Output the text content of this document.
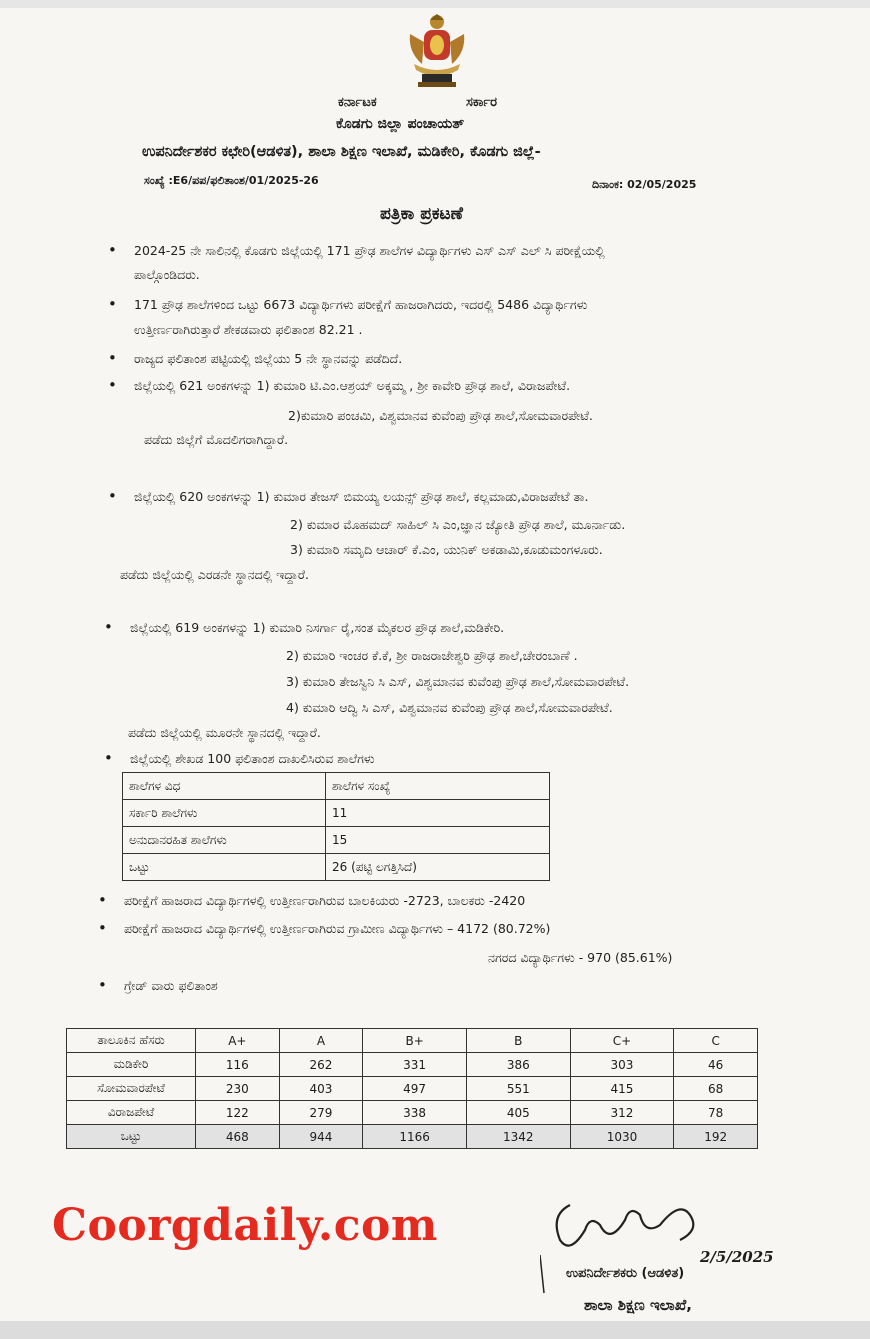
ಕರ್ನಾಟಕ	ಸರ್ಕಾರ
ಕೊಡಗು ಜಿಲ್ಲಾ ಪಂಚಾಯತ್
ಉಪನಿರ್ದೇಶಕರ ಕಛೇರಿ(ಆಡಳಿತ), ಶಾಲಾ ಶಿಕ್ಷಣ ಇಲಾಖೆ, ಮಡಿಕೇರಿ, ಕೊಡಗು ಜಿಲ್ಲೆ-
ಸಂಖ್ಯೆ :E6/ಪಪ/ಫಲಿತಾಂಶ/01/2025-26	ದಿನಾಂಕ: 02/05/2025
ಪತ್ರಿಕಾ ಪ್ರಕಟಣೆ
• 2024-25 ನೇ ಸಾಲಿನಲ್ಲಿ ಕೊಡಗು ಜಿಲ್ಲೆಯಲ್ಲಿ 171 ಪ್ರೌಢ ಶಾಲೆಗಳ ವಿದ್ಯಾರ್ಥಿಗಳು ಎಸ್ ಎಸ್ ಎಲ್ ಸಿ ಪರೀಕ್ಷೆಯಲ್ಲಿ
ಪಾಲ್ಗೊಂಡಿದರು.
• 171 ಪ್ರೌಢ ಶಾಲೆಗಳಿಂದ ಒಟ್ಟು 6673 ವಿದ್ಯಾರ್ಥಿಗಳು ಪರೀಕ್ಷೆಗೆ ಹಾಜರಾಗಿದರು, ಇದರಲ್ಲಿ 5486 ವಿದ್ಯಾರ್ಥಿಗಳು
ಉತ್ತೀರ್ಣರಾಗಿರುತ್ತಾರೆ ಶೇಕಡವಾರು ಫಲಿತಾಂಶ 82.21 .
• ರಾಜ್ಯದ ಫಲಿತಾಂಶ ಪಟ್ಟಿಯಲ್ಲಿ ಜಿಲ್ಲೆಯು 5 ನೇ ಸ್ಥಾನವನ್ನು ಪಡೆದಿದೆ.
• ಜಿಲ್ಲೆಯಲ್ಲಿ 621 ಅಂಕಗಳನ್ನು 1) ಕುಮಾರಿ ಟಿ.ಎಂ.ಆಶ್ರಯ್ ಅಕ್ಕಮ್ಮ , ಶ್ರೀ ಕಾವೇರಿ ಪ್ರೌಢ ಶಾಲೆ, ವಿರಾಜಪೇಟೆ.
2)ಕುಮಾರಿ ಪಂಚಮಿ, ವಿಶ್ವಮಾನವ ಕುವೆಂಪು ಪ್ರೌಢ ಶಾಲೆ,ಸೋಮವಾರಪೇಟೆ.
ಪಡೆದು ಜಿಲ್ಲೆಗೆ ಮೊದಲಿಗರಾಗಿದ್ದಾರೆ.
• ಜಿಲ್ಲೆಯಲ್ಲಿ 620 ಅಂಕಗಳನ್ನು 1) ಕುಮಾರ ತೇಜಸ್ ಬಿಮಯ್ಯ ಲಯನ್ಸ್ ಪ್ರೌಢ ಶಾಲೆ, ಕಲ್ಲಮಾಡು,ವಿರಾಜಪೇಟೆ ತಾ.
2) ಕುಮಾರ ಮೊಹಮದ್ ಸಾಹಿಲ್ ಸಿ ಎಂ,ಜ್ಞಾನ ಜ್ಯೋತಿ ಪ್ರೌಢ ಶಾಲೆ, ಮೂರ್ನಾಡು.
3) ಕುಮಾರಿ ಸಮೃದಿ ಆಚಾರ್ ಕೆ.ಎಂ, ಯುನಿಕ್ ಅಕಡಾಮಿ,ಕೂಡುಮಂಗಳೂರು.
ಪಡೆದು ಜಿಲ್ಲೆಯಲ್ಲಿ ಎರಡನೇ ಸ್ಥಾನದಲ್ಲಿ ಇದ್ದಾರೆ.
• ಜಿಲ್ಲೆಯಲ್ಲಿ 619 ಅಂಕಗಳನ್ನು 1) ಕುಮಾರಿ ನಿಸರ್ಗಾ ರೈ,ಸಂತ ಮೈಕಲರ ಪ್ರೌಢ ಶಾಲೆ,ಮಡಿಕೇರಿ.
2) ಕುಮಾರಿ ಇಂಚರ ಕೆ.ಕೆ, ಶ್ರೀ ರಾಜರಾಜೇಶ್ವರಿ ಪ್ರೌಢ ಶಾಲೆ,ಚೇರಂಬಾಣೆ .
3) ಕುಮಾರಿ ತೇಜಸ್ವಿನಿ ಸಿ ಎಸ್, ವಿಶ್ವಮಾನವ ಕುವೆಂಪು ಪ್ರೌಢ ಶಾಲೆ,ಸೋಮವಾರಪೇಟೆ.
4) ಕುಮಾರಿ ಆದ್ವಿ ಸಿ ಎಸ್, ವಿಶ್ವಮಾನವ ಕುವೆಂಪು ಪ್ರೌಢ ಶಾಲೆ,ಸೋಮವಾರಪೇಟೆ.
ಪಡೆದು ಜಿಲ್ಲೆಯಲ್ಲಿ ಮೂರನೇ ಸ್ಥಾನದಲ್ಲಿ ಇದ್ದಾರೆ.
• ಜಿಲ್ಲೆಯಲ್ಲಿ ಶೇಖಡ 100 ಫಲಿತಾಂಶ ದಾಖಲಿಸಿರುವ ಶಾಲೆಗಳು
ಶಾಲೆಗಳ ವಿಧ	ಶಾಲೆಗಳ ಸಂಖ್ಯೆ
ಸರ್ಕಾರಿ ಶಾಲೆಗಳು	11
ಅನುದಾನರಹಿತ ಶಾಲೆಗಳು	15
ಒಟ್ಟು	26 (ಪಟ್ಟಿ ಲಗತ್ತಿಸಿದೆ)
• ಪರೀಕ್ಷೆಗೆ ಹಾಜರಾದ ವಿದ್ಯಾರ್ಥಿಗಳಲ್ಲಿ ಉತ್ತೀರ್ಣರಾಗಿರುವ ಬಾಲಕಿಯರು -2723, ಬಾಲಕರು -2420
• ಪರೀಕ್ಷೆಗೆ ಹಾಜರಾದ ವಿದ್ಯಾರ್ಥಿಗಳಲ್ಲಿ ಉತ್ತೀರ್ಣರಾಗಿರುವ ಗ್ರಾಮೀಣ ವಿದ್ಯಾರ್ಥಿಗಳು – 4172 (80.72%)
ನಗರದ ವಿದ್ಯಾರ್ಥಿಗಳು - 970 (85.61%)
• ಗ್ರೇಡ್ ವಾರು ಫಲಿತಾಂಶ
ತಾಲೂಕಿನ ಹೆಸರು	A+	A	B+	B	C+	C
ಮಡಿಕೇರಿ	116	262	331	386	303	46
ಸೋಮವಾರಪೇಟೆ	230	403	497	551	415	68
ವಿರಾಜಪೇಟೆ	122	279	338	405	312	78
ಒಟ್ಟು	468	944	1166	1342	1030	192
Coorgdaily.com
2/5/2025
ಉಪನಿರ್ದೇಶಕರು (ಆಡಳಿತ)
ಶಾಲಾ ಶಿಕ್ಷಣ ಇಲಾಖೆ,
